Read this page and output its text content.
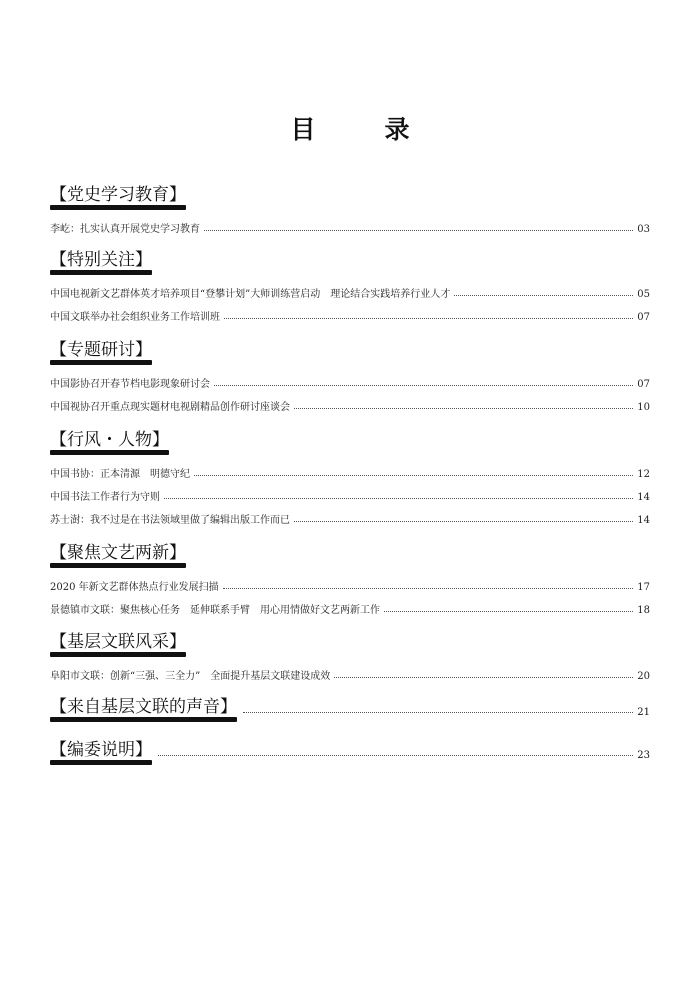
目　录
【党史学习教育】
李屹：扎实认真开展党史学习教育	03
【特别关注】
中国电视新文艺群体英才培养项目“登攀计划”大师训练营启动　理论结合实践培养行业人才	05
中国文联举办社会组织业务工作培训班	07
【专题研讨】
中国影协召开春节档电影现象研讨会	07
中国视协召开重点现实题材电视剧精品创作研讨座谈会	10
【行风・人物】
中国书协：正本清源　明德守纪	12
中国书法工作者行为守则	14
苏士澍：我不过是在书法领域里做了编辑出版工作而已	14
【聚焦文艺两新】
2020 年新文艺群体热点行业发展扫描	17
景德镇市文联：聚焦核心任务　延伸联系手臂　用心用情做好文艺两新工作	18
【基层文联风采】
阜阳市文联：创新“三强、三全力”　全面提升基层文联建设成效	20
【来自基层文联的声音】	21
【编委说明】	23
